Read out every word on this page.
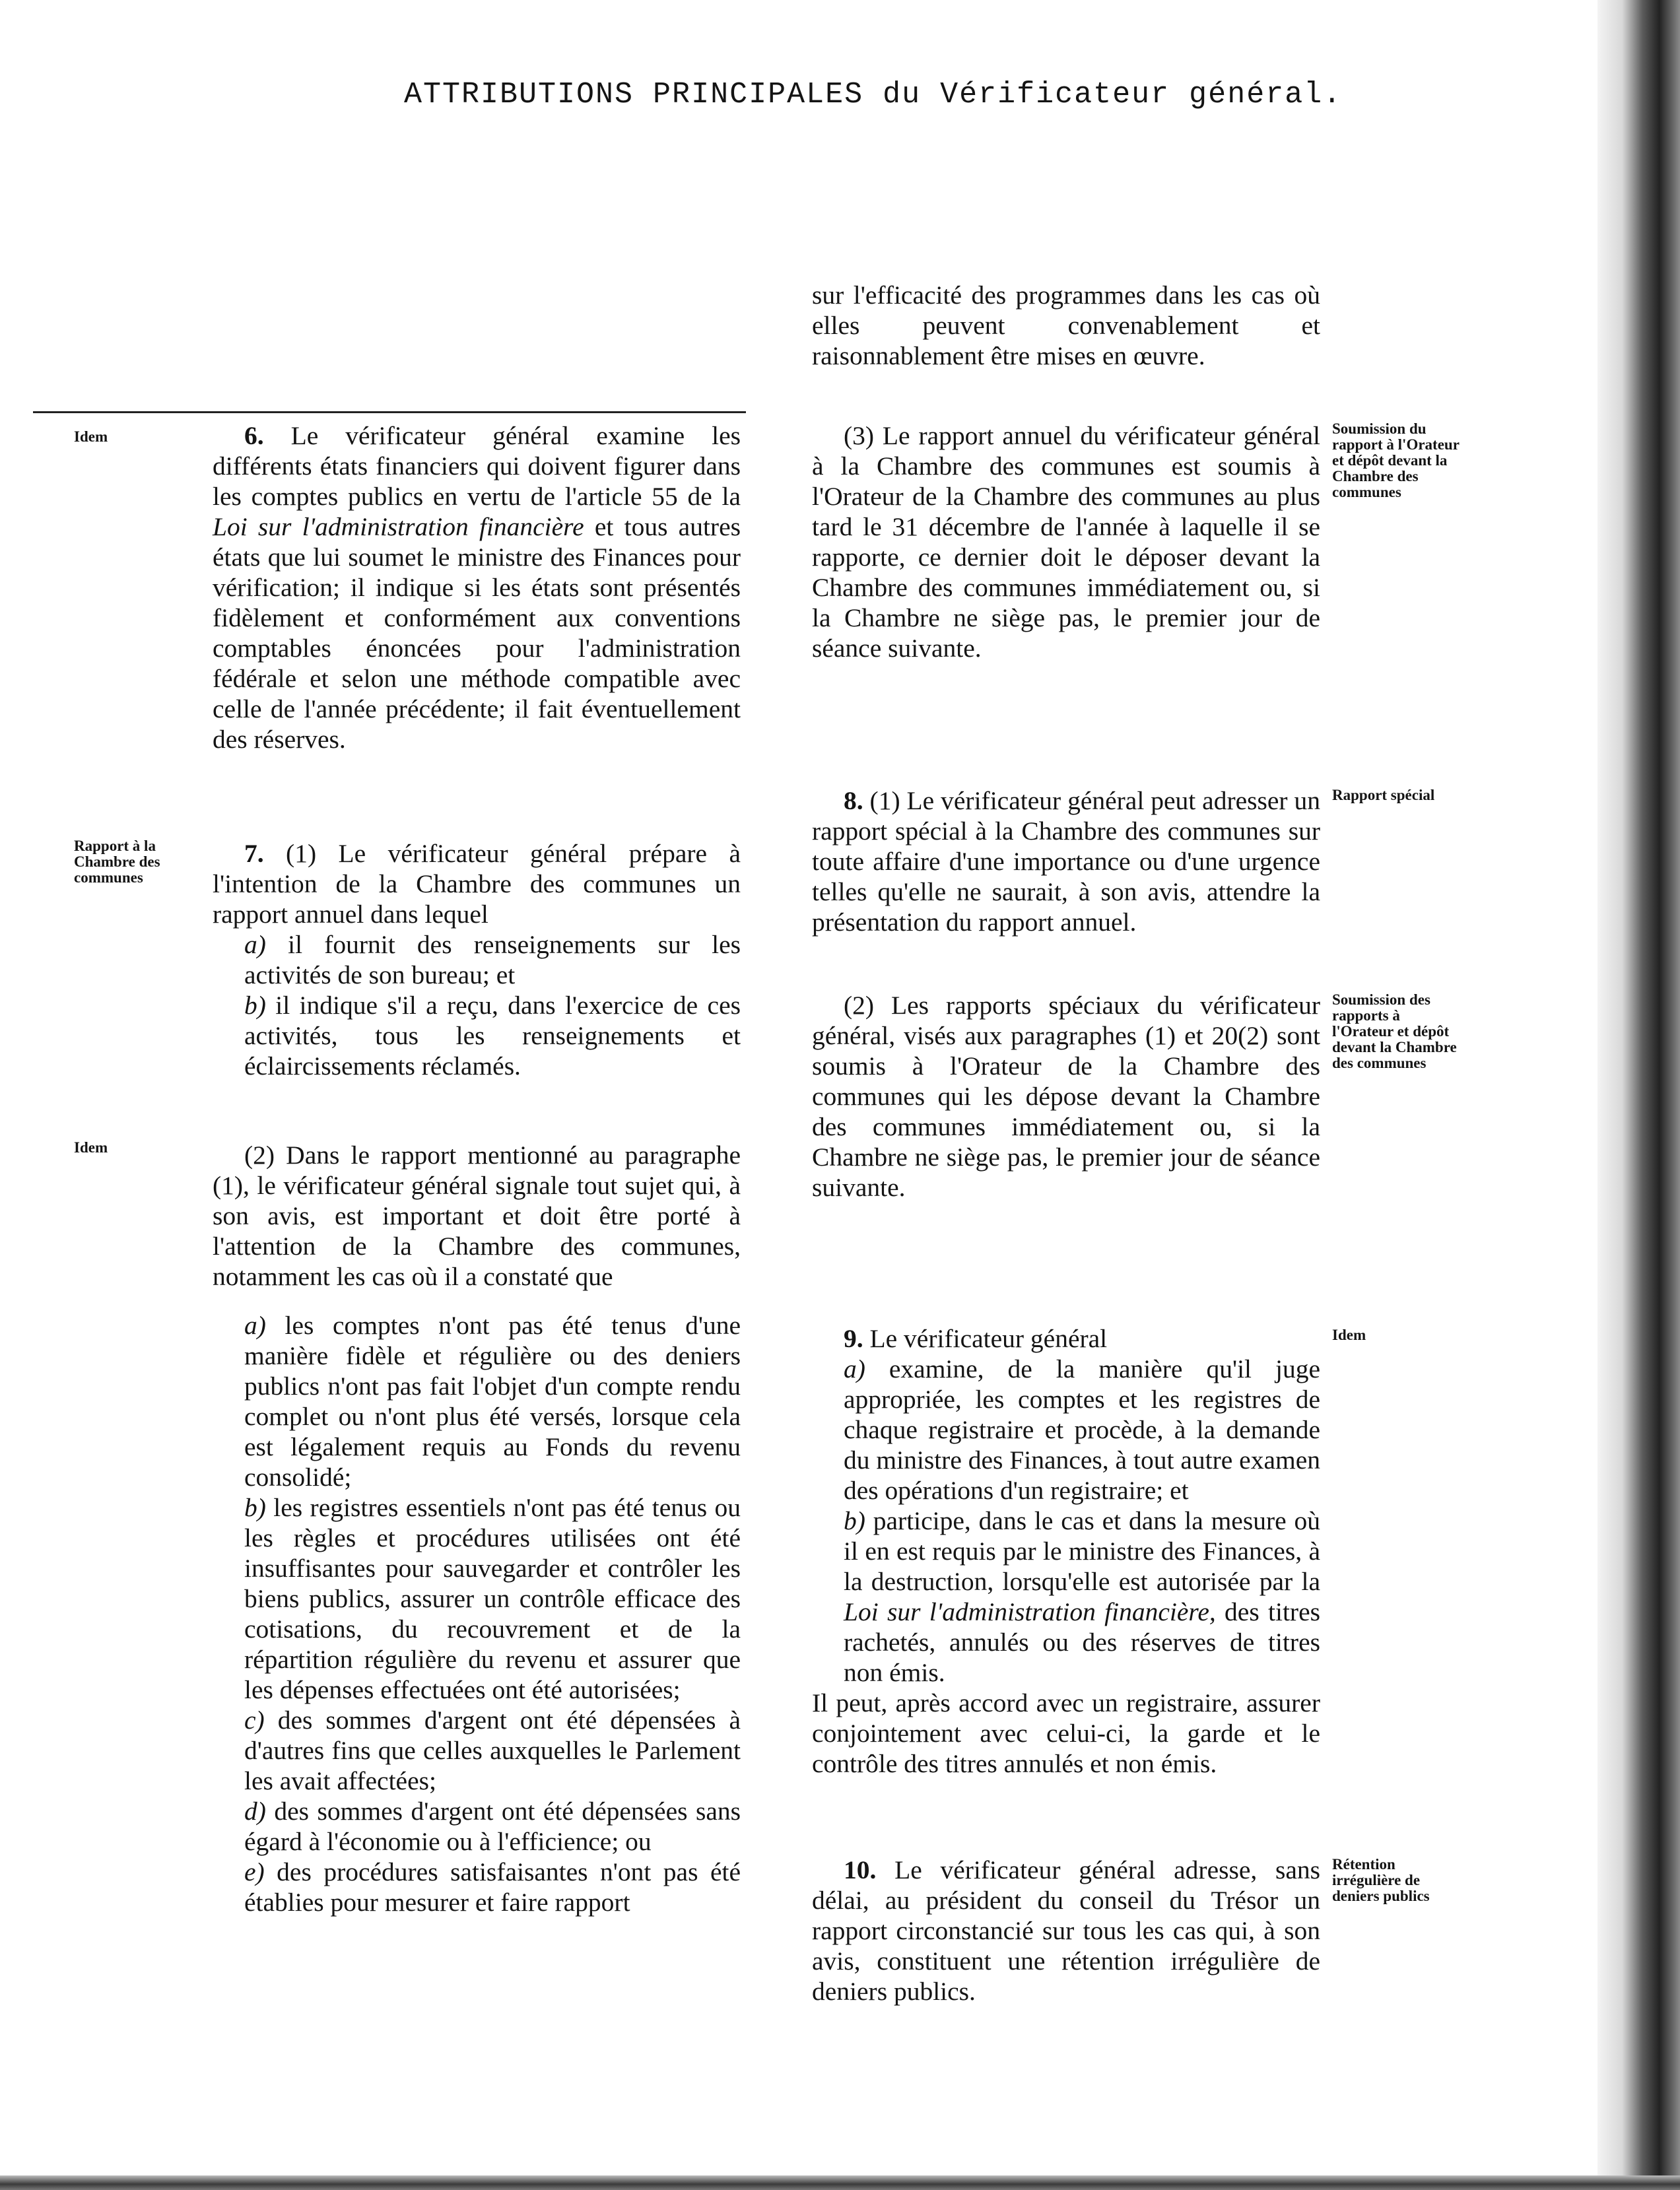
ATTRIBUTIONS PRINCIPALES du Vérificateur général.
Idem
Rapport à la Chambre des communes
Idem
Soumission du rapport à l'Orateur et dépôt devant la Chambre des communes
Rapport spécial
Soumission des rapports à l'Orateur et dépôt devant la Chambre des communes
Idem
Rétention irrégulière de deniers publics

6. Le vérificateur général examine les différents états financiers qui doivent figurer dans les comptes publics en vertu de l'article 55 de la Loi sur l'administration financière et tous autres états que lui soumet le ministre des Finances pour vérification; il indique si les états sont présentés fidèlement et conformément aux conventions comptables énoncées pour l'administration fédérale et selon une méthode compatible avec celle de l'année précédente; il fait éventuellement des réserves.

7. (1) Le vérificateur général prépare à l'intention de la Chambre des communes un rapport annuel dans lequel

a) il fournit des renseignements sur les activités de son bureau; et

b) il indique s'il a reçu, dans l'exercice de ces activités, tous les renseignements et éclaircissements réclamés.

(2) Dans le rapport mentionné au paragraphe (1), le vérificateur général signale tout sujet qui, à son avis, est important et doit être porté à l'attention de la Chambre des communes, notamment les cas où il a constaté que

a) les comptes n'ont pas été tenus d'une manière fidèle et régulière ou des deniers publics n'ont pas fait l'objet d'un compte rendu complet ou n'ont plus été versés, lorsque cela est légalement requis au Fonds du revenu consolidé;

b) les registres essentiels n'ont pas été tenus ou les règles et procédures utilisées ont été insuffisantes pour sauvegarder et contrôler les biens publics, assurer un contrôle efficace des cotisations, du recouvrement et de la répartition régulière du revenu et assurer que les dépenses effectuées ont été autorisées;

c) des sommes d'argent ont été dépensées à d'autres fins que celles auxquelles le Parlement les avait affectées;

d) des sommes d'argent ont été dépensées sans égard à l'économie ou à l'efficience; ou

e) des procédures satisfaisantes n'ont pas été établies pour mesurer et faire rapport

sur l'efficacité des programmes dans les cas où elles peuvent convenablement et raisonnablement être mises en œuvre.

(3) Le rapport annuel du vérificateur général à la Chambre des communes est soumis à l'Orateur de la Chambre des communes au plus tard le 31 décembre de l'année à laquelle il se rapporte, ce dernier doit le déposer devant la Chambre des communes immédiatement ou, si la Chambre ne siège pas, le premier jour de séance suivante.

8. (1) Le vérificateur général peut adresser un rapport spécial à la Chambre des communes sur toute affaire d'une importance ou d'une urgence telles qu'elle ne saurait, à son avis, attendre la présentation du rapport annuel.

(2) Les rapports spéciaux du vérificateur général, visés aux paragraphes (1) et 20(2) sont soumis à l'Orateur de la Chambre des communes qui les dépose devant la Chambre des communes immédiatement ou, si la Chambre ne siège pas, le premier jour de séance suivante.

9. Le vérificateur général

a) examine, de la manière qu'il juge appropriée, les comptes et les registres de chaque registraire et procède, à la demande du ministre des Finances, à tout autre examen des opérations d'un registraire; et

b) participe, dans le cas et dans la mesure où il en est requis par le ministre des Finances, à la destruction, lorsqu'elle est autorisée par la Loi sur l'administration financière, des titres rachetés, annulés ou des réserves de titres non émis.

Il peut, après accord avec un registraire, assurer conjointement avec celui-ci, la garde et le contrôle des titres annulés et non émis.

10. Le vérificateur général adresse, sans délai, au président du conseil du Trésor un rapport circonstancié sur tous les cas qui, à son avis, constituent une rétention irrégulière de deniers publics.
